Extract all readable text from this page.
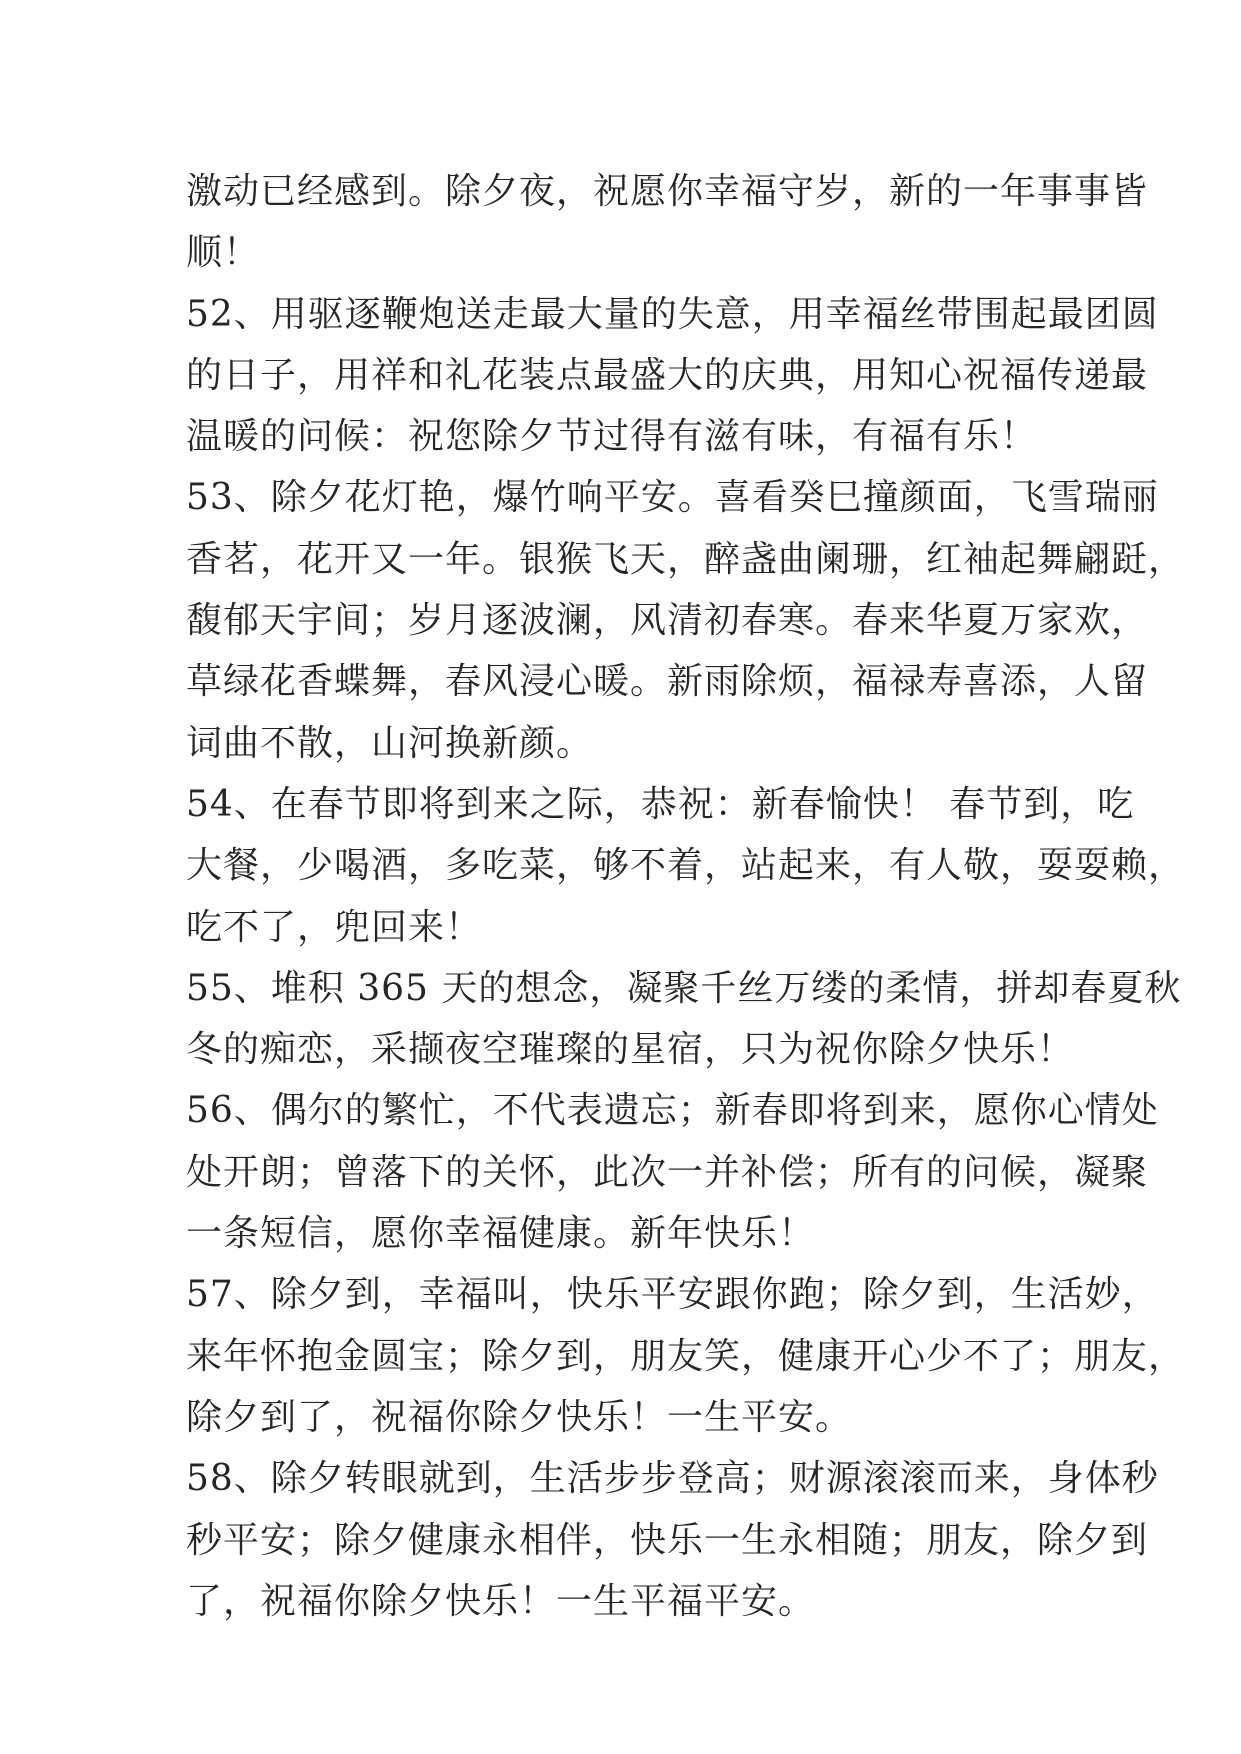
激动已经感到。除夕夜，祝愿你幸福守岁，新的一年事事皆

顺！

52、用驱逐鞭炮送走最大量的失意，用幸福丝带围起最团圆

的日子，用祥和礼花装点最盛大的庆典，用知心祝福传递最

温暖的问候：祝您除夕节过得有滋有味，有福有乐！

53、除夕花灯艳，爆竹响平安。喜看癸巳撞颜面，飞雪瑞丽

香茗，花开又一年。银猴飞天，醉盏曲阑珊，红袖起舞翩跹，

馥郁天宇间；岁月逐波澜，风清初春寒。春来华夏万家欢，

草绿花香蝶舞，春风浸心暖。新雨除烦，福禄寿喜添，人留

词曲不散，山河换新颜。

54、在春节即将到来之际，恭祝：新春愉快！ 春节到，吃

大餐，少喝酒，多吃菜，够不着，站起来，有人敬，耍耍赖，

吃不了，兜回来！

55、堆积 365 天的想念，凝聚千丝万缕的柔情，拼却春夏秋

冬的痴恋，采撷夜空璀璨的星宿，只为祝你除夕快乐！

56、偶尔的繁忙，不代表遗忘；新春即将到来，愿你心情处

处开朗；曾落下的关怀，此次一并补偿；所有的问候，凝聚

一条短信，愿你幸福健康。新年快乐！

57、除夕到，幸福叫，快乐平安跟你跑；除夕到，生活妙，

来年怀抱金圆宝；除夕到，朋友笑，健康开心少不了；朋友，

除夕到了，祝福你除夕快乐！一生平安。

58、除夕转眼就到，生活步步登高；财源滚滚而来，身体秒

秒平安；除夕健康永相伴，快乐一生永相随；朋友，除夕到

了，祝福你除夕快乐！一生平福平安。
